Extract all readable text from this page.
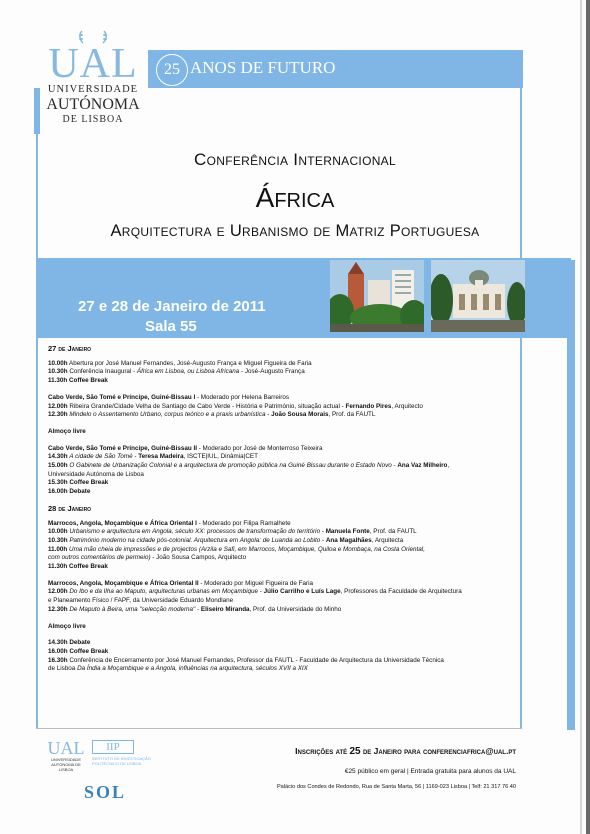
UAL
UNIVERSIDADE
AUTÓNOMA
DE LISBOA
25 ANOS DE FUTURO
Conferência Internacional
África
Arquitectura e Urbanismo de Matriz Portuguesa
27 e 28 de Janeiro de 2011
Sala 55

27 de Janeiro

10.00h Abertura por José Manuel Fernandes, José-Augusto França e Miguel Figueira de Faria

10.30h Conferência Inaugural - África em Lisboa, ou Lisboa Africana - José-Augusto França

11.30h Coffee Break

Cabo Verde, São Tomé e Príncipe, Guiné-Bissau I - Moderado por Helena Barreiros

12.00h Ribeira Grande/Cidade Velha de Santiago de Cabo Verde - História e Património, situação actual - Fernando Pires, Arquitecto

12.30h Mindelo o Assentamento Urbano, corpus teórico e a praxis urbanística - João Sousa Morais, Prof. da FAUTL

Almoço livre

Cabo Verde, São Tomé e Príncipe, Guiné-Bissau II - Moderado por José de Monterroso Teixeira

14.30h A cidade de São Tomé - Teresa Madeira, ISCTE|IUL, Dinâmia|CET

15.00h O Gabinete de Urbanização Colonial e a arquitectura de promoção pública na Guiné Bissau durante o Estado Novo - Ana Vaz Milheiro,

Universidade Autónoma de Lisboa

15.30h Coffee Break

16.00h Debate

28 de Janeiro

Marrocos, Angola, Moçambique e África Oriental I - Moderado por Filipa Ramalhete

10.00h Urbanismo e arquitectura em Angola, século XX: processos de transformação do território - Manuela Fonte, Prof. da FAUTL

10.30h Património moderno na cidade pós-colonial. Arquitectura em Angola: de Luanda ao Lobito - Ana Magalhães, Arquitecta

11.00h Uma mão cheia de impressões e de projectos (Arzila e Safi, em Marrocos, Moçambique, Quiloa e Mombaça, na Costa Oriental,

com outros comentários de permeio) - João Sousa Campos, Arquitecto

11.30h Coffee Break

Marrocos, Angola, Moçambique e África Oriental II - Moderado por Miguel Figueira de Faria

12.00h Do Ibo e da Ilha ao Maputo, arquitecturas urbanas em Moçambique - Júlio Carrilho e Luís Lage, Professores da Faculdade de Arquitectura

e Planeamento Físico / FAPF, da Universidade Eduardo Mondlane

12.30h De Maputo à Beira, uma "selecção moderna" - Eliseiro Miranda, Prof. da Universidade do Minho

Almoço livre

14.30h Debate

16.00h Coffee Break

16.30h Conferência de Encerramento por José Manuel Fernandes, Professor da FAUTL - Faculdade de Arquitectura da Universidade Técnica

de Lisboa Da Índia a Moçambique e a Angola, influências na arquitectura, séculos XVII a XIX

UAL
UNIVERSIDADE AUTÓNOMA DE LISBOA
IIP
INSTITUTO DE INVESTIGAÇÃO POLITÉCNICO DE LISBOA
SOL
Inscrições até 25 de Janeiro para conferenciafrica@ual.pt
€25 público em geral | Entrada gratuita para alunos da UAL
Palácio dos Condes de Redondo, Rua de Santa Marta, 56 | 1169-023 Lisboa | Telf: 21 317 76 40
